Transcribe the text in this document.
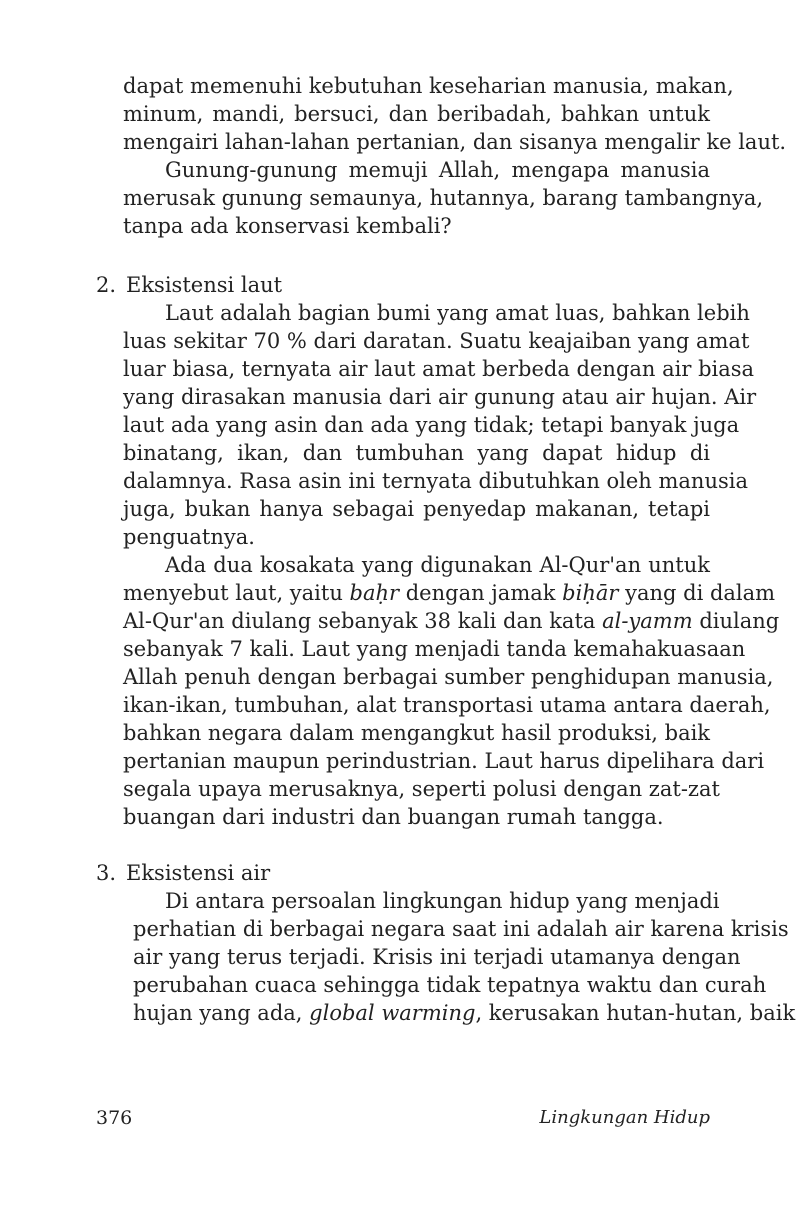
dapat memenuhi kebutuhan keseharian manusia, makan,
minum, mandi, bersuci, dan beribadah, bahkan untuk
mengairi lahan-lahan pertanian, dan sisanya mengalir ke laut.
Gunung-gunung memuji Allah, mengapa manusia
merusak gunung semaunya, hutannya, barang tambangnya,
tanpa ada konservasi kembali?
2. Eksistensi laut
Laut adalah bagian bumi yang amat luas, bahkan lebih
luas sekitar 70 % dari daratan. Suatu keajaiban yang amat
luar biasa, ternyata air laut amat berbeda dengan air biasa
yang dirasakan manusia dari air gunung atau air hujan. Air
laut ada yang asin dan ada yang tidak; tetapi banyak juga
binatang, ikan, dan tumbuhan yang dapat hidup di
dalamnya. Rasa asin ini ternyata dibutuhkan oleh manusia
juga, bukan hanya sebagai penyedap makanan, tetapi
penguatnya.
Ada dua kosakata yang digunakan Al-Qur'an untuk
menyebut laut, yaitu baḥr dengan jamak biḥār yang di dalam
Al-Qur'an diulang sebanyak 38 kali dan kata al-yamm diulang
sebanyak 7 kali. Laut yang menjadi tanda kemahakuasaan
Allah penuh dengan berbagai sumber penghidupan manusia,
ikan-ikan, tumbuhan, alat transportasi utama antara daerah,
bahkan negara dalam mengangkut hasil produksi, baik
pertanian maupun perindustrian. Laut harus dipelihara dari
segala upaya merusaknya, seperti polusi dengan zat-zat
buangan dari industri dan buangan rumah tangga.
3. Eksistensi air
Di antara persoalan lingkungan hidup yang menjadi
perhatian di berbagai negara saat ini adalah air karena krisis
air yang terus terjadi. Krisis ini terjadi utamanya dengan
perubahan cuaca sehingga tidak tepatnya waktu dan curah
hujan yang ada, global warming, kerusakan hutan-hutan, baik
376	Lingkungan Hidup
